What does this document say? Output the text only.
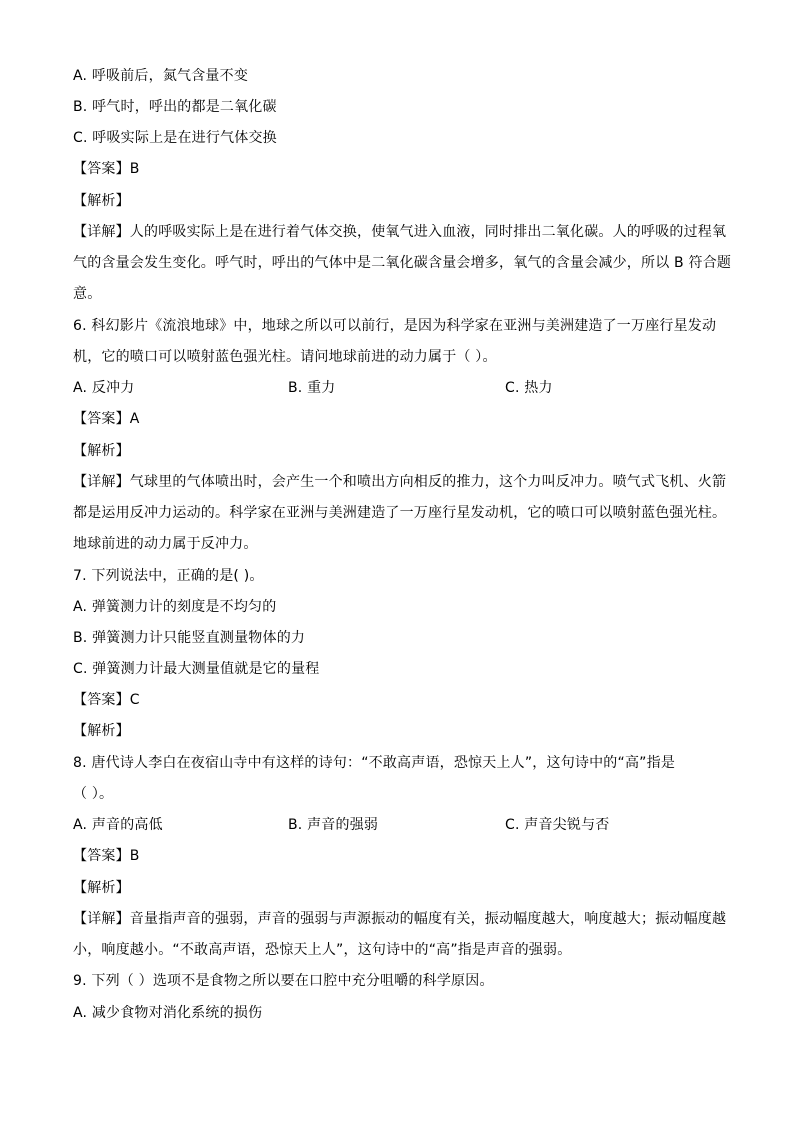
A. 呼吸前后，氮气含量不变
B. 呼气时，呼出的都是二氧化碳
C. 呼吸实际上是在进行气体交换
【答案】B
【解析】
【详解】人的呼吸实际上是在进行着气体交换，使氧气进入血液，同时排出二氧化碳。人的呼吸的过程氧
气的含量会发生变化。呼气时，呼出的气体中是二氧化碳含量会增多，氧气的含量会减少，所以 B 符合题
意。
6. 科幻影片《流浪地球》中，地球之所以可以前行，是因为科学家在亚洲与美洲建造了一万座行星发动
机，它的喷口可以喷射蓝色强光柱。请问地球前进的动力属于（ ）。
A. 反冲力	B. 重力	C. 热力
【答案】A
【解析】
【详解】气球里的气体喷出时，会产生一个和喷出方向相反的推力，这个力叫反冲力。喷气式飞机、火箭
都是运用反冲力运动的。科学家在亚洲与美洲建造了一万座行星发动机，它的喷口可以喷射蓝色强光柱。
地球前进的动力属于反冲力。
7. 下列说法中，正确的是( )。
A. 弹簧测力计的刻度是不均匀的
B. 弹簧测力计只能竖直测量物体的力
C. 弹簧测力计最大测量值就是它的量程
【答案】C
【解析】
8. 唐代诗人李白在夜宿山寺中有这样的诗句：“不敢高声语，恐惊天上人”，这句诗中的“高”指是
（ ）。
A. 声音的高低	B. 声音的强弱	C. 声音尖锐与否
【答案】B
【解析】
【详解】音量指声音的强弱，声音的强弱与声源振动的幅度有关，振动幅度越大，响度越大；振动幅度越
小，响度越小。“不敢高声语，恐惊天上人”，这句诗中的“高”指是声音的强弱。
9. 下列（ ）选项不是食物之所以要在口腔中充分咀嚼的科学原因。
A. 减少食物对消化系统的损伤
